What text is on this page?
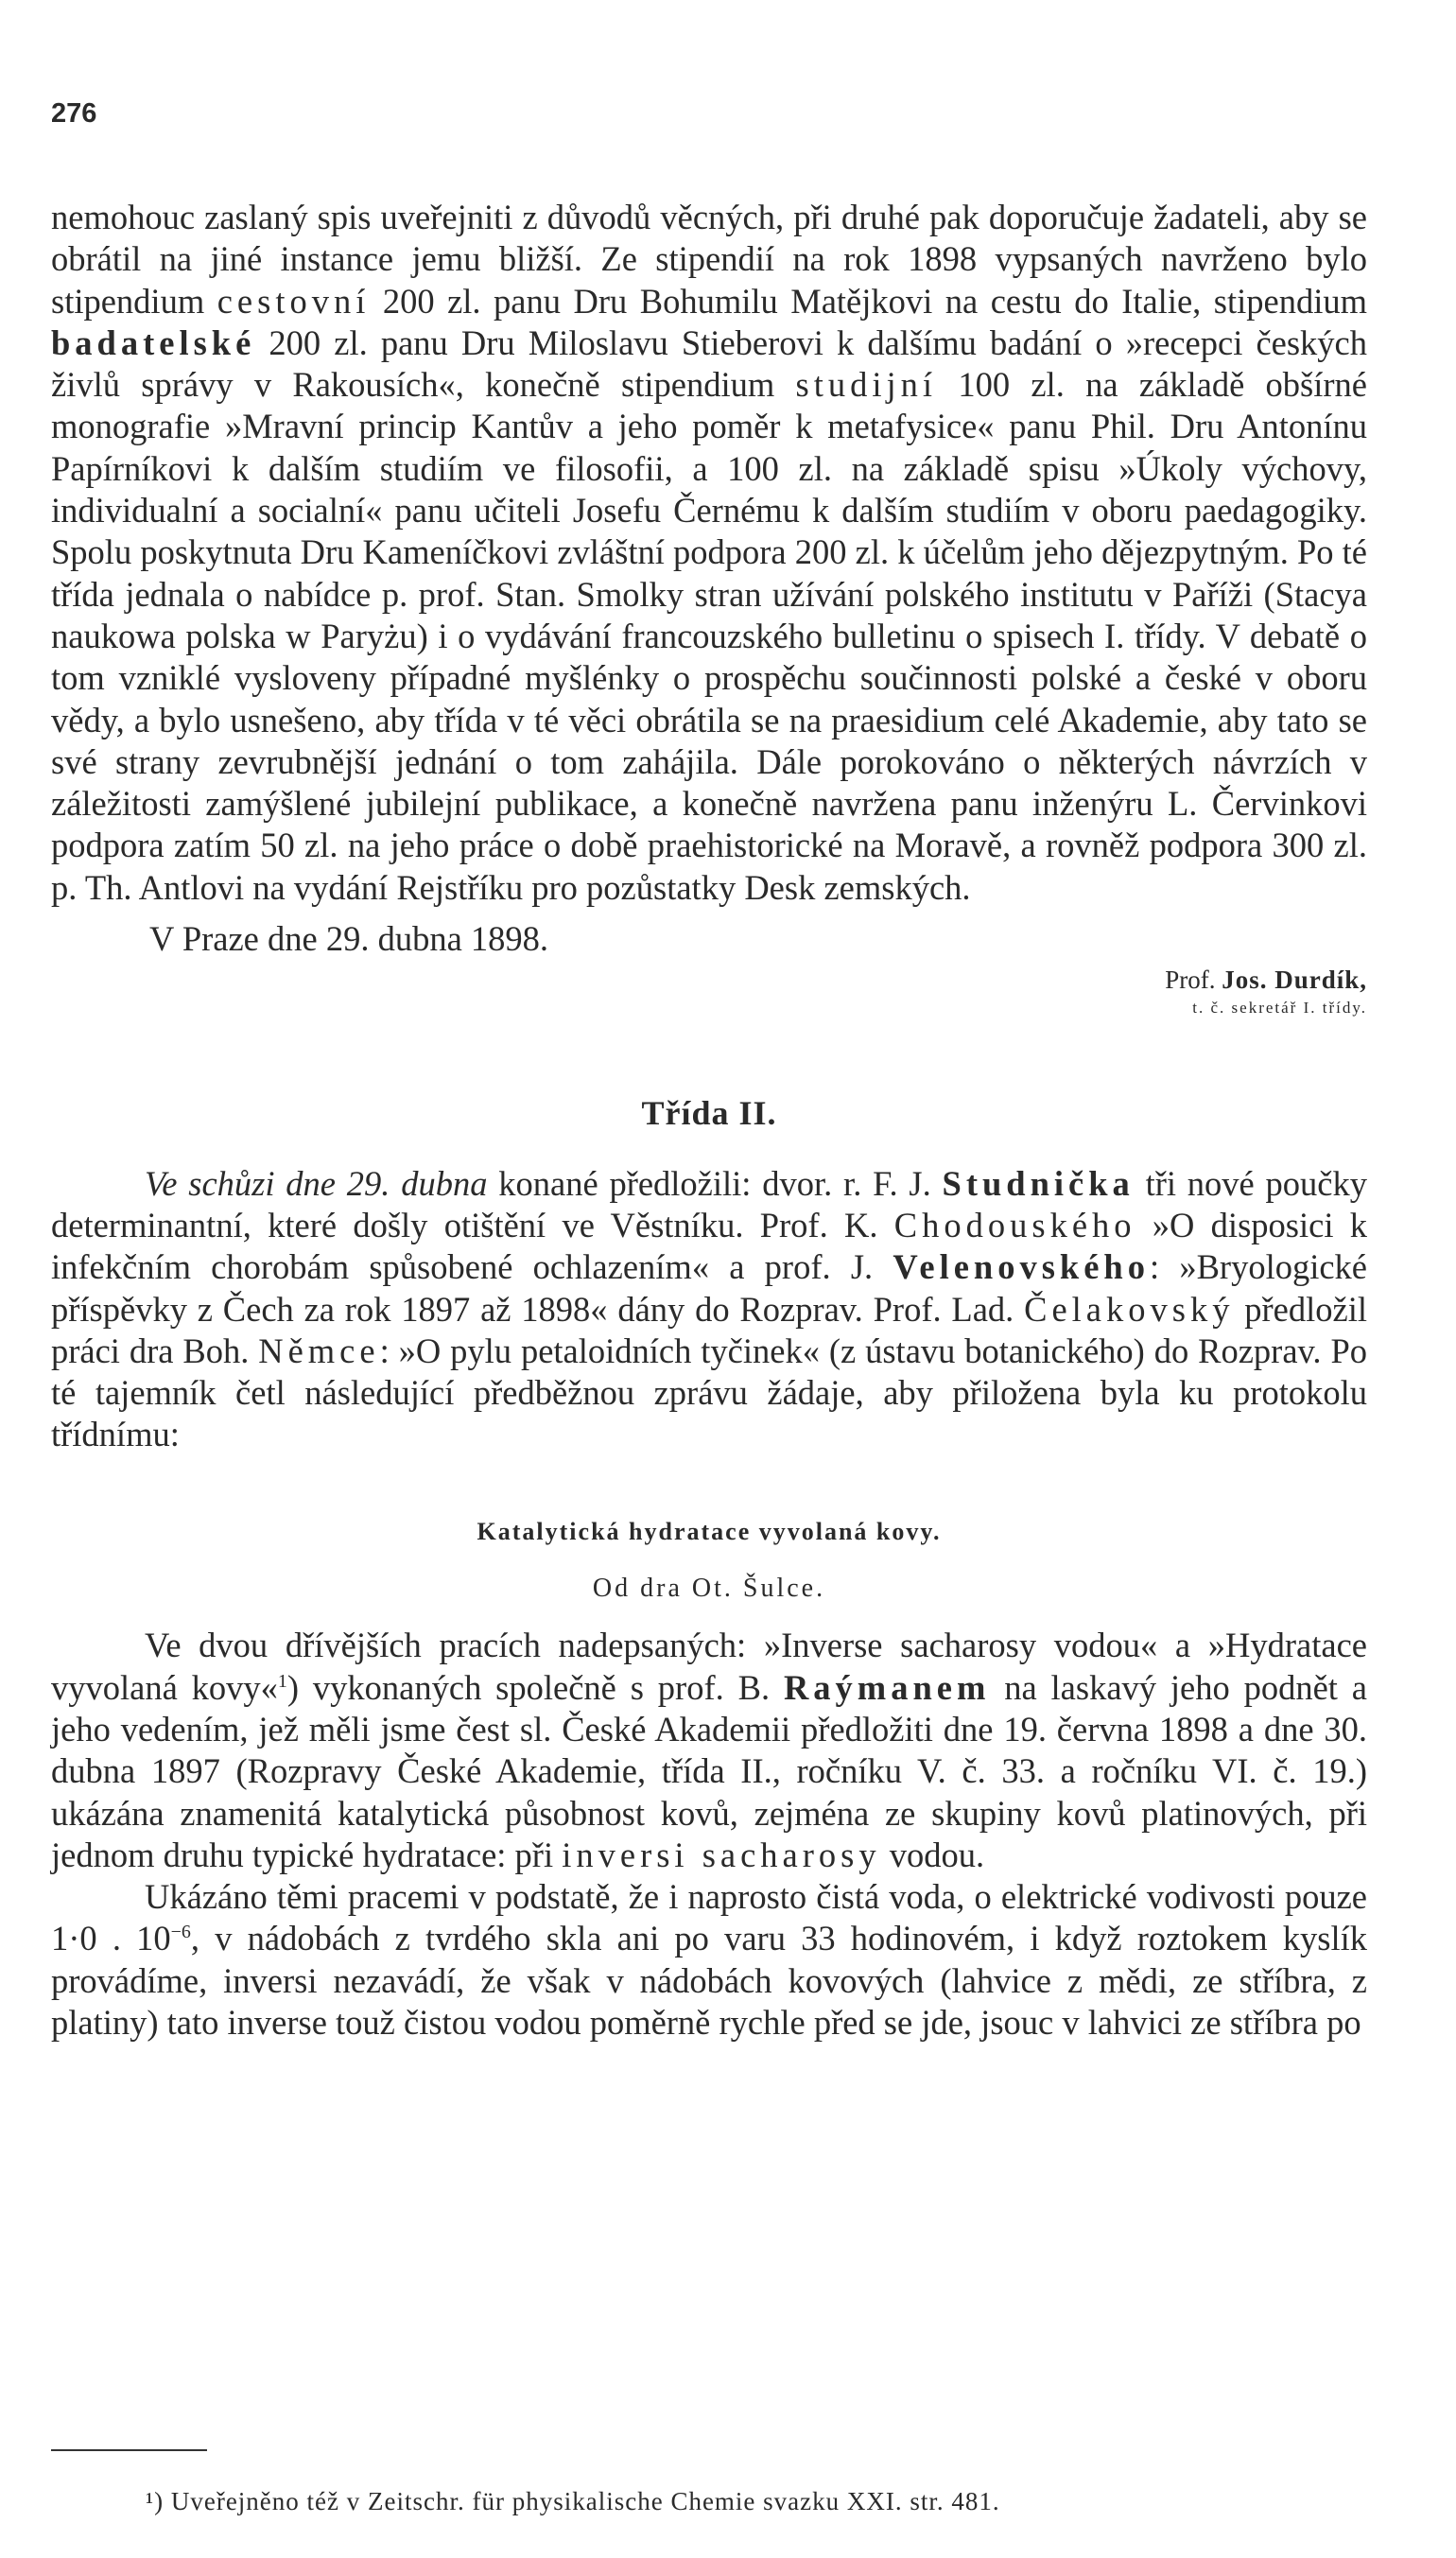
276

nemohouc zaslaný spis uveřejniti z důvodů věcných, při druhé pak doporučuje žadateli, aby se obrátil na jiné instance jemu bližší. Ze stipendií na rok 1898 vypsaných navrženo bylo stipendium cestovní 200 zl. panu Dru Bohumilu Matějkovi na cestu do Italie, stipendium badatelské 200 zl. panu Dru Miloslavu Stieberovi k dalšímu badání o »recepci českých živlů správy v Rakousích«, konečně stipendium studijní 100 zl. na základě obšírné monografie »Mravní princip Kantův a jeho poměr k metafysice« panu Phil. Dru Antonínu Papírníkovi k dalším studiím ve filosofii, a 100 zl. na základě spisu »Úkoly výchovy, individualní a socialní« panu učiteli Josefu Černému k dalším studiím v oboru paedagogiky. Spolu poskytnuta Dru Kameníčkovi zvláštní podpora 200 zl. k účelům jeho dějezpytným. Po té třída jednala o nabídce p. prof. Stan. Smolky stran užívání polského institutu v Paříži (Stacya naukowa polska w Paryżu) i o vydávání francouzského bulletinu o spisech I. třídy. V debatě o tom vzniklé vysloveny případné myšlénky o prospěchu součinnosti polské a české v oboru vědy, a bylo usnešeno, aby třída v té věci obrátila se na praesidium celé Akademie, aby tato se své strany zevrubnější jednání o tom zahájila. Dále porokováno o některých návrzích v záležitosti zamýšlené jubilejní publikace, a konečně navržena panu inženýru L. Červinkovi podpora zatím 50 zl. na jeho práce o době praehistorické na Moravě, a rovněž podpora 300 zl. p. Th. Antlovi na vydání Rejstříku pro pozůstatky Desk zemských.

V Praze dne 29. dubna 1898.

Prof. Jos. Durdík,
t. č. sekretář I. třídy.
Třída II.

Ve schůzi dne 29. dubna konané předložili: dvor. r. F. J. Studnička tři nové poučky determinantní, které došly otištění ve Věstníku. Prof. K. Chodouského »O disposici k infekčním chorobám spůsobené ochlazením« a prof. J. Velenovského: »Bryologické příspěvky z Čech za rok 1897 až 1898« dány do Rozprav. Prof. Lad. Čelakovský předložil práci dra Boh. Němce: »O pylu petaloidních tyčinek« (z ústavu botanického) do Rozprav. Po té tajemník četl následující předběžnou zprávu žádaje, aby přiložena byla ku protokolu třídnímu:

Katalytická hydratace vyvolaná kovy.
Od dra Ot. Šulce.

Ve dvou dřívějších pracích nadepsaných: »Inverse sacharosy vodou« a »Hydratace vyvolaná kovy«$^1$) vykonaných společně s prof. B. Raýmanem na laskavý jeho podnět a jeho vedením, jež měli jsme čest sl. České Akademii předložiti dne 19. června 1898 a dne 30. dubna 1897 (Rozpravy České Akademie, třída II., ročníku V. č. 33. a ročníku VI. č. 19.) ukázána znamenitá katalytická působnost kovů, zejména ze skupiny kovů platinových, při jednom druhu typické hydratace: při inversi sacharosy vodou.

Ukázáno těmi pracemi v podstatě, že i naprosto čistá voda, o elektrické vodivosti pouze 1·0 . $10^{-6}$, v nádobách z tvrdého skla ani po varu 33 hodinovém, i když roztokem kyslík provádíme, inversi nezavádí, že však v nádobách kovových (lahvice z mědi, ze stříbra, z platiny) tato inverse touž čistou vodou poměrně rychle před se jde, jsouc v lahvici ze stříbra po

¹) Uveřejněno též v Zeitschr. für physikalische Chemie svazku XXI. str. 481.
